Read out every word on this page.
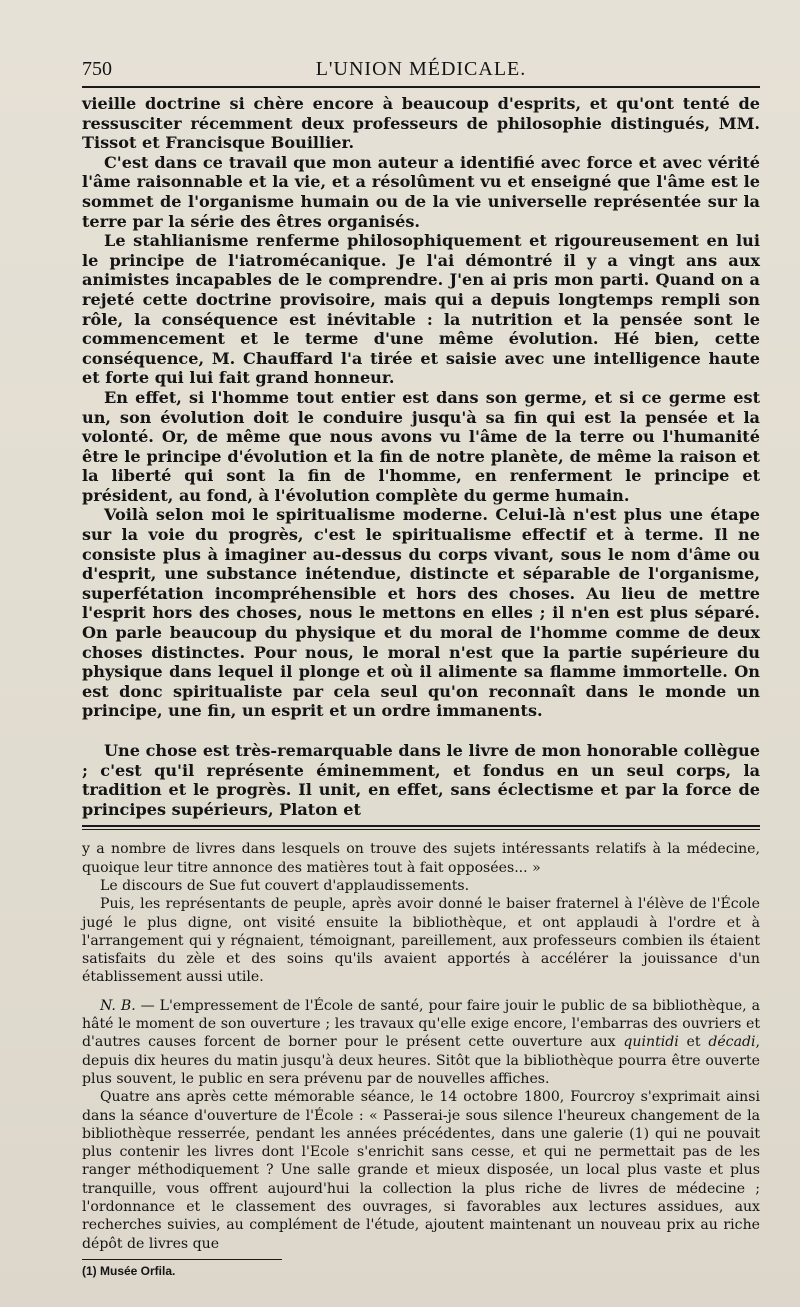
750	L'UNION MÉDICALE.

vieille doctrine si chère encore à beaucoup d'esprits, et qu'ont tenté de ressusciter récemment deux professeurs de philosophie distingués, MM. Tissot et Francisque Bouillier.

C'est dans ce travail que mon auteur a identifié avec force et avec vérité l'âme raisonnable et la vie, et a résolûment vu et enseigné que l'âme est le sommet de l'organisme humain ou de la vie universelle représentée sur la terre par la série des êtres organisés.

Le stahlianisme renferme philosophiquement et rigoureusement en lui le principe de l'iatromécanique. Je l'ai démontré il y a vingt ans aux animistes incapables de le comprendre. J'en ai pris mon parti. Quand on a rejeté cette doctrine provisoire, mais qui a depuis longtemps rempli son rôle, la conséquence est inévitable : la nutrition et la pensée sont le commencement et le terme d'une même évolution. Hé bien, cette conséquence, M. Chauffard l'a tirée et saisie avec une intelligence haute et forte qui lui fait grand honneur.

En effet, si l'homme tout entier est dans son germe, et si ce germe est un, son évolution doit le conduire jusqu'à sa fin qui est la pensée et la volonté. Or, de même que nous avons vu l'âme de la terre ou l'humanité être le principe d'évolution et la fin de notre planète, de même la raison et la liberté qui sont la fin de l'homme, en renferment le principe et président, au fond, à l'évolution complète du germe humain.

Voilà selon moi le spiritualisme moderne. Celui-là n'est plus une étape sur la voie du progrès, c'est le spiritualisme effectif et à terme. Il ne consiste plus à imaginer au-dessus du corps vivant, sous le nom d'âme ou d'esprit, une substance inétendue, distincte et séparable de l'organisme, superfétation incompréhensible et hors des choses. Au lieu de mettre l'esprit hors des choses, nous le mettons en elles ; il n'en est plus séparé. On parle beaucoup du physique et du moral de l'homme comme de deux choses distinctes. Pour nous, le moral n'est que la partie supérieure du physique dans lequel il plonge et où il alimente sa flamme immortelle. On est donc spiritualiste par cela seul qu'on reconnaît dans le monde un principe, une fin, un esprit et un ordre immanents.

Une chose est très-remarquable dans le livre de mon honorable collègue ; c'est qu'il représente éminemment, et fondus en un seul corps, la tradition et le progrès. Il unit, en effet, sans éclectisme et par la force de principes supérieurs, Platon et

y a nombre de livres dans lesquels on trouve des sujets intéressants relatifs à la médecine, quoique leur titre annonce des matières tout à fait opposées... »

Le discours de Sue fut couvert d'applaudissements.

Puis, les représentants de peuple, après avoir donné le baiser fraternel à l'élève de l'École jugé le plus digne, ont visité ensuite la bibliothèque, et ont applaudi à l'ordre et à l'arrangement qui y régnaient, témoignant, pareillement, aux professeurs combien ils étaient satisfaits du zèle et des soins qu'ils avaient apportés à accélérer la jouissance d'un établissement aussi utile.

N. B. — L'empressement de l'École de santé, pour faire jouir le public de sa bibliothèque, a hâté le moment de son ouverture ; les travaux qu'elle exige encore, l'embarras des ouvriers et d'autres causes forcent de borner pour le présent cette ouverture aux quintidi et décadi, depuis dix heures du matin jusqu'à deux heures. Sitôt que la bibliothèque pourra être ouverte plus souvent, le public en sera prévenu par de nouvelles affiches.

Quatre ans après cette mémorable séance, le 14 octobre 1800, Fourcroy s'exprimait ainsi dans la séance d'ouverture de l'École : « Passerai-je sous silence l'heureux changement de la bibliothèque resserrée, pendant les années précédentes, dans une galerie (1) qui ne pouvait plus contenir les livres dont l'Ecole s'enrichit sans cesse, et qui ne permettait pas de les ranger méthodiquement ? Une salle grande et mieux disposée, un local plus vaste et plus tranquille, vous offrent aujourd'hui la collection la plus riche de livres de médecine ; l'ordonnance et le classement des ouvrages, si favorables aux lectures assidues, aux recherches suivies, au complément de l'étude, ajoutent maintenant un nouveau prix au riche dépôt de livres que

(1) Musée Orfila.
